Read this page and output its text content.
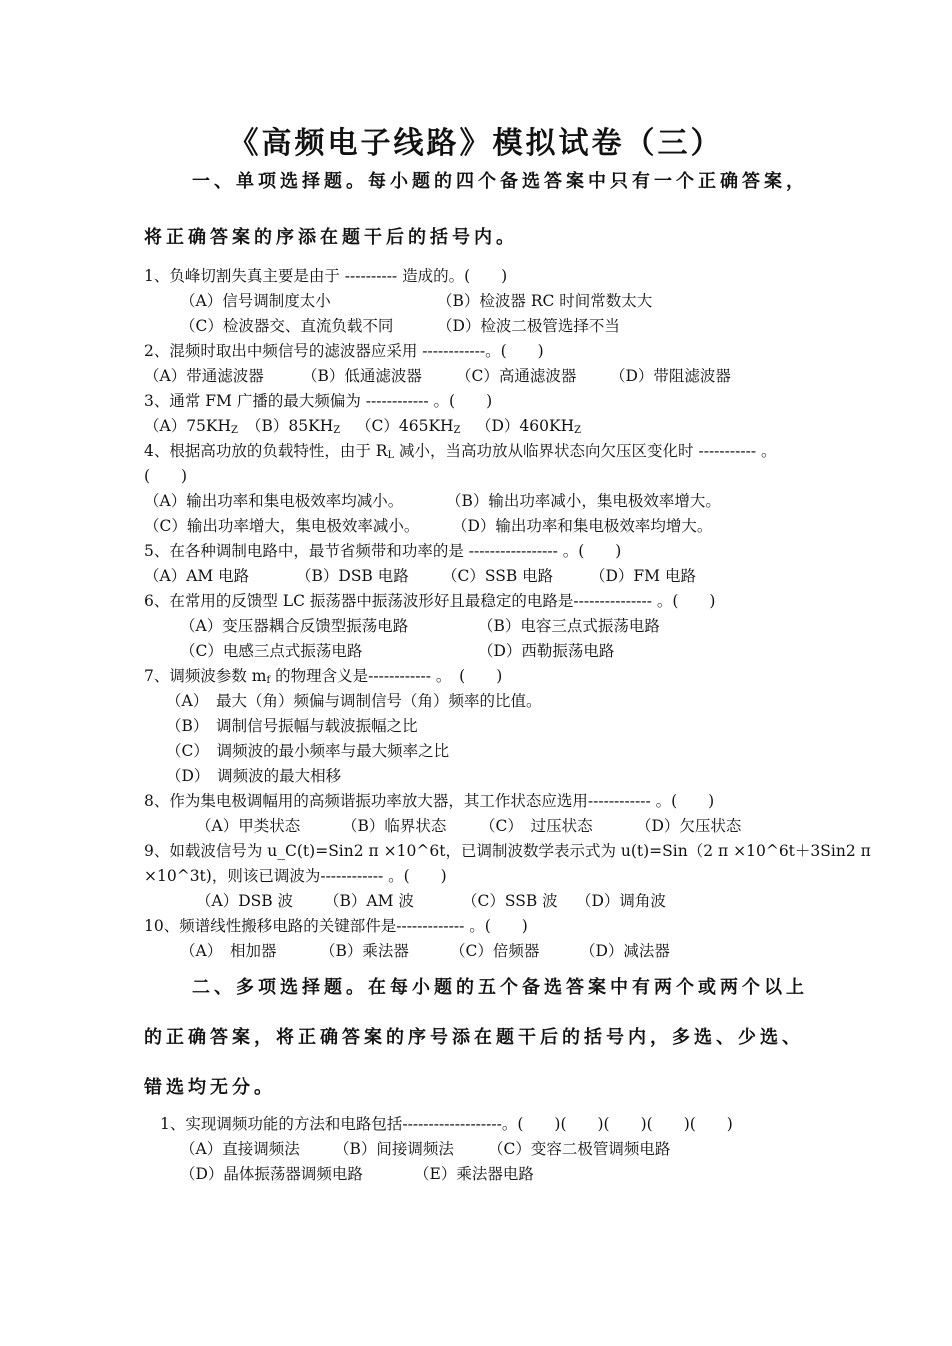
《高频电子线路》模拟试卷（三）
一、单项选择题。每小题的四个备选答案中只有一个正确答案，
将正确答案的序添在题干后的括号内。
1、负峰切割失真主要是由于 ---------- 造成的。(　　)
（A）信号调制度太小	（B）检波器 RC 时间常数太大
（C）检波器交、直流负载不同	（D）检波二极管选择不当
2、混频时取出中频信号的滤波器应采用 ------------。(　　)
（A）带通滤波器 （B）低通滤波器 （C）高通滤波器 （D）带阻滤波器
3、通常 FM 广播的最大频偏为 ------------ 。(　　)
$(A)75KH_Z$ $(B)85KH_Z$ $(C)465KH_Z$ $(D)460KH_Z$
4、根据高功放的负载特性，由于 $R_L$ 减小，当高功放从临界状态向欠压区变化时 ----------- 。
(　　)
（A）输出功率和集电极效率均减小。	（B）输出功率减小，集电极效率增大。
（C）输出功率增大，集电极效率减小。 （D）输出功率和集电极效率均增大。
5、在各种调制电路中，最节省频带和功率的是 ----------------- 。(　　)
（A）AM 电路	（B）DSB 电路 （C）SSB 电路 （D）FM 电路
6、在常用的反馈型 LC 振荡器中振荡波形好且最稳定的电路是--------------- 。(　　)
（A）变压器耦合反馈型振荡电路	（B）电容三点式振荡电路
（C）电感三点式振荡电路	（D）西勒振荡电路
7、调频波参数 $m_f$ 的物理含义是------------ 。　(　　)
（A）　最大（角）频偏与调制信号（角）频率的比值。
（B）　调制信号振幅与载波振幅之比
（C）　调频波的最小频率与最大频率之比
（D）　调频波的最大相移
8、作为集电极调幅用的高频谐振功率放大器，其工作状态应选用------------ 。(　　)
（A）甲类状态	（B）临界状态 （C）　过压状态	（D）欠压状态
9、如载波信号为 u_C(t)=Sin2 π ×10^6t，已调制波数学表示式为 u(t)=Sin（2 π ×10^6t＋3Sin2 π
×10^3t)，则该已调波为------------ 。(　　)
（A）DSB 波 （B）AM 波	（C）SSB 波 （D）调角波
10、频谱线性搬移电路的关键部件是------------- 。(　　)
（A）　相加器	（B）乘法器	（C）倍频器	（D）减法器
二、多项选择题。在每小题的五个备选答案中有两个或两个以上
的正确答案，将正确答案的序号添在题干后的括号内，多选、少选、
错选均无分。
1、实现调频功能的方法和电路包括-------------------。(　　)(　　)(　　)(　　)(　　)
（A）直接调频法 （B）间接调频法 （C）变容二极管调频电路
（D）晶体振荡器调频电路	（E）乘法器电路
